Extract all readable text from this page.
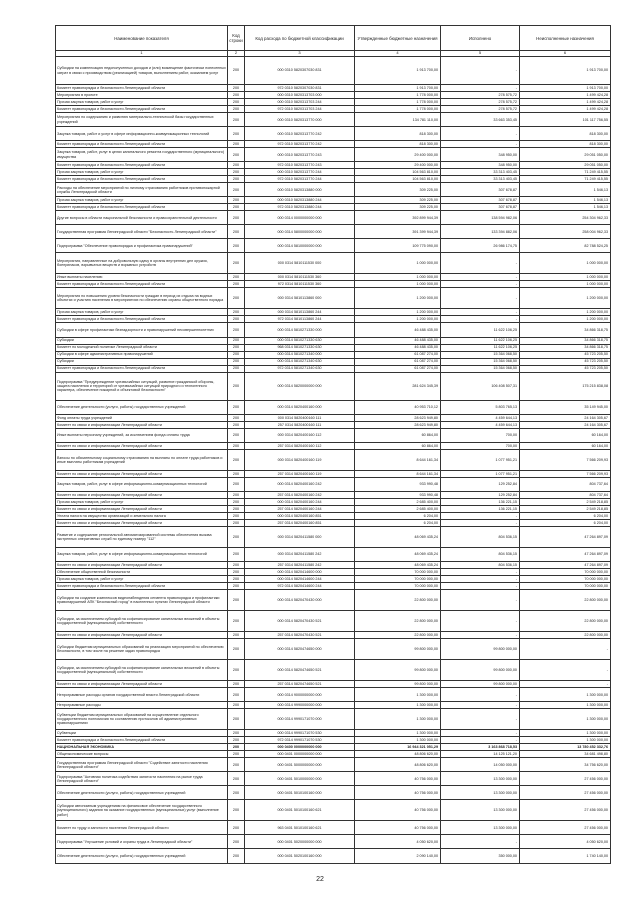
Наименование показателя	Код строки	Код расхода по бюджетной классификации	Утвержденные бюджетные назначения	Исполнено	Неисполненные назначения
1	2	3	4	5	6
Субсидии на компенсацию недополученных доходов и (или) возмещение фактически понесенных затрат в связи с производством (реализацией) товаров, выполнением работ, оказанием услуг	200	000 0310 5820307030 831	1 913 700,00	-	1 913 700,00
Комитет правопорядка и безопасности Ленинградской области	200	972 0310 5820307030 831	1 913 700,00	-	1 913 700,00
Мероприятия в проекте	200	000 0310 5820313703 000	1 778 000,00	278 575,72	1 499 424,28
Прочая закупка товаров, работ и услуг	200	000 0310 5820313703 244	1 778 000,00	278 575,72	1 499 424,28
Комитет правопорядка и безопасности Ленинградской области	200	972 0310 5820313703 244	1 778 000,00	278 575,72	1 499 424,28
Мероприятия по содержанию и развитию материально-технической базы государственных учреждений	200	000 0310 5820313770 000	134 781 110,00	33 663 353,45	101 117 756,55
Закупка товаров, работ и услуг в сфере информационно-коммуникационных технологий	200	000 0310 5820313770 242	818 300,00	-	818 300,00
Комитет правопорядка и безопасности Ленинградской области	200	972 0310 5820313770 242	818 300,00	-	818 300,00
Закупка товаров, работ, услуг в целях капитального ремонта государственного (муниципального) имущества	200	000 0310 5820313770 243	29 400 000,00	348 950,00	29 051 050,00
Комитет правопорядка и безопасности Ленинградской области	200	972 0310 5820313770 243	29 400 000,00	348 950,00	29 051 050,00
Прочая закупка товаров, работ и услуг	200	000 0310 5820313770 244	104 563 810,00	33 313 403,45	71 249 415,55
Комитет правопорядка и безопасности Ленинградской области	200	972 0310 5820313770 244	104 563 810,00	33 313 403,45	71 249 415,55
Расходы на обеспечение мероприятий по личному страхованию работников противопожарной службы Ленинградской области	200	000 0310 5820313880 000	309 225,00	307 678,87	1 546,13
Прочая закупка товаров, работ и услуг	200	000 0310 5820313880 244	309 225,00	307 678,87	1 546,13
Комитет правопорядка и безопасности Ленинградской области	200	972 0310 5820313880 244	309 225,00	307 678,87	1 546,13
Другие вопросы в области национальной безопасности и правоохранительной деятельности	200	000 0314 0000000000 000	392 899 944,39	138 594 982,06	254 304 962,33
Государственная программа Ленинградской области "Безопасность Ленинградской области"	200	000 0314 5800000000 000	391 399 944,39	133 394 882,06	258 004 962,33
Подпрограмма "Обеспечение правопорядка и профилактика правонарушений"	200	000 0314 5810000000 000	109 775 090,00	26 986 174,75	82 788 524,25
Мероприятия, направленные на добровольную сдачу в органы внутренних дел оружия, боеприпасов, взрывчатых веществ и взрывных устройств	200	000 0314 5810111530 000	1 000 000,00	-	1 000 000,00
Иные выплаты населению	200	000 0314 5810111530 360	1 000 000,00	-	1 000 000,00
Комитет правопорядка и безопасности Ленинградской области	200	972 0314 5810111530 360	1 000 000,00	-	1 000 000,00
Мероприятия по повышению уровня безопасности граждан в период их отдыха на водных объектах и участию населения в мероприятиях по обеспечению охраны общественного порядка	200	000 0314 5810113860 000	1 200 000,00	-	1 200 000,00
Прочая закупка товаров, работ и услуг	200	000 0314 5810113860 244	1 200 000,00	-	1 200 000,00
Комитет правопорядка и безопасности Ленинградской области	200	972 0314 5810113860 244	1 200 000,00	-	1 200 000,00
Субсидии в сфере профилактики безнадзорности и правонарушений несовершеннолетних	200	000 0314 5810271330 000	46 488 435,00	11 622 106,25	34 866 318,75
Субсидии	200	000 0314 5810271330 630	46 488 435,00	11 622 106,25	34 866 318,75
Комитет по молодежной политике Ленинградской области	200	968 0314 5810271330 630	46 488 435,00	11 622 106,25	34 866 318,75
Субсидии в сфере административных правонарушений	200	000 0314 5810271340 000	61 087 274,00	15 364 068,50	45 723 205,50
Субсидии	200	000 0314 5810271340 630	61 087 274,00	15 364 068,50	45 723 205,50
Комитет правопорядка и безопасности Ленинградской области	200	972 0314 5810271340 630	61 087 274,00	15 364 068,50	45 723 205,50
Подпрограмма "Предупреждение чрезвычайных ситуаций, развитие гражданской обороны, защита населения и территорий от чрезвычайных ситуаций природного и техногенного характера, обеспечение пожарной и объектовой безопасности"	200	000 0314 5820000000 000	281 624 345,39	106 408 507,31	175 215 838,08
Обеспечение деятельности (услуги, работы) государственных учреждений	200	000 0314 5820400160 000	40 953 710,12	5 803 765,13	35 149 945,00
Фонд оплаты труда учреждений	200	000 0314 5820400160 111	28 623 949,80	4 459 644,13	24 164 305,67
Комитет по связи и информатизации Ленинградской области	200	257 0314 5820400160 111	28 623 949,80	4 459 644,13	24 164 305,67
Иные выплаты персоналу учреждений, за исключением фонда оплаты труда	200	000 0314 5820400160 112	60 864,00	700,00	60 164,00
Комитет по связи и информатизации Ленинградской области	200	257 0314 5820400160 112	60 864,00	700,00	60 164,00
Взносы по обязательному социальному страхованию на выплаты по оплате труда работников и иные выплаты работникам учреждений	200	000 0314 5820400160 119	8 644 161,34	1 077 951,21	7 566 209,93
Комитет по связи и информатизации Ленинградской области	200	257 0314 5820400160 119	8 644 161,34	1 077 951,21	7 566 209,93
Закупка товаров, работ, услуг в сфере информационно-коммуникационных технологий	200	000 0314 5820400160 242	933 990,48	129 252,84	804 737,64
Комитет по связи и информатизации Ленинградской области	200	257 0314 5820400160 242	933 990,48	129 252,84	804 737,64
Прочая закупка товаров, работ и услуг	200	000 0314 5820400160 244	2 685 400,00	136 221,15	2 549 218,85
Комитет по связи и информатизации Ленинградской области	200	257 0314 5820400160 244	2 685 400,00	136 221,15	2 549 218,85
Уплата налога на имущество организаций и земельного налога	200	000 0314 5820400160 851	6 204,00	-	6 204,00
Комитет по связи и информатизации Ленинградской области	200	257 0314 5820400160 851	6 204,00	-	6 204,00
Развитие и содержание региональной автоматизированной системы обеспечения вызова экстренных оперативных служб по единому номеру "112"	200	000 0314 5820411580 000	48 069 435,24	804 536,15	47 264 897,09
Закупка товаров, работ, услуг в сфере информационно-коммуникационных технологий	200	000 0314 5820411580 242	48 069 435,24	804 536,15	47 264 897,09
Комитет по связи и информатизации Ленинградской области	200	257 0314 5820411580 242	48 069 435,24	804 536,15	47 264 897,09
Обеспечение общественной безопасности	200	000 0314 5820414600 000	70 000 000,00	-	70 000 000,00
Прочая закупка товаров, работ и услуг	200	000 0314 5820414600 244	70 000 000,00	-	70 000 000,00
Комитет правопорядка и безопасности Ленинградской области	200	972 0314 5820414600 244	70 000 000,00	-	70 000 000,00
Субсидии на создание комплексов видеонаблюдения сегмента правопорядка и профилактики правонарушений АПК "Безопасный город" в населенных пунктах Ленинградской области	200	000 0314 5820470430 000	22 800 000,00	-	22 800 000,00
Субсидии, за исключением субсидий на софинансирование капитальных вложений в объекты государственной (муниципальной) собственности	200	000 0314 5820470430 521	22 800 000,00	-	22 800 000,00
Комитет по связи и информатизации Ленинградской области	200	257 0314 5820470430 521	22 800 000,00	-	22 800 000,00
Субсидии бюджетам муниципальных образований на реализацию мероприятий по обеспечению безопасности, в том числе на решение задач правопорядка	200	000 0314 5820474650 000	99 800 000,00	99 800 000,00	-
Субсидии, за исключением субсидий на софинансирование капитальных вложений в объекты государственной (муниципальной) собственности	200	000 0314 5820474650 521	99 800 000,00	99 800 000,00	-
Комитет по связи и информатизации Ленинградской области	200	257 0314 5820474650 521	99 800 000,00	99 800 000,00	-
Непрограммные расходы органов государственной власти Ленинградской области	200	000 0314 9000000000 000	1 300 000,00	-	1 300 000,00
Непрограммные расходы	200	000 0314 9990000000 000	1 300 000,00	-	1 300 000,00
Субвенции бюджетам муниципальных образований на осуществление отдельного государственного полномочия по составлению протоколов об административных правонарушениях	200	000 0314 9990171070 000	1 300 000,00	-	1 300 000,00
Субвенции	200	000 0314 9990171070 530	1 300 000,00	-	1 300 000,00
Комитет правопорядка и безопасности Ленинградской области	200	972 0314 9990171070 530	1 300 000,00	-	1 300 000,00
НАЦИОНАЛЬНАЯ ЭКОНОМИКА	200	000 0400 0000000000 000	16 944 321 051,29	3 163 868 718,53	13 780 452 332,76
Общеэкономические вопросы	200	000 0401 0000000000 000	48 806 620,00	14 125 121,20	34 681 498,80
Государственная программа Ленинградской области "Содействие занятости населения Ленинградской области"	200	000 0401 5000000000 000	48 806 620,00	14 050 000,00	34 756 620,00
Подпрограмма "Активная политика содействия занятости населения на рынке труда Ленинградской области"	200	000 0401 5010000000 000	40 756 000,00	13 300 000,00	27 456 000,00
Обеспечение деятельности (услуги, работы) государственных учреждений	200	000 0401 5010100160 000	40 756 000,00	13 300 000,00	27 456 000,00
Субсидии автономным учреждениям на финансовое обеспечение государственного (муниципального) задания на оказание государственных (муниципальных) услуг (выполнение работ)	200	000 0401 5010100160 621	40 756 000,00	13 300 000,00	27 456 000,00
Комитет по труду и занятости населения Ленинградской области	200	963 0401 5010100160 621	40 756 000,00	13 300 000,00	27 456 000,00
Подпрограмма "Улучшение условий и охраны труда в Ленинградской области"	200	000 0401 5020000000 000	4 050 620,00	-	4 050 620,00
Обеспечение деятельности (услуги, работы) государственных учреждений	200	000 0401 5020100160 000	2 090 140,00	350 000,00	1 740 140,00
22
